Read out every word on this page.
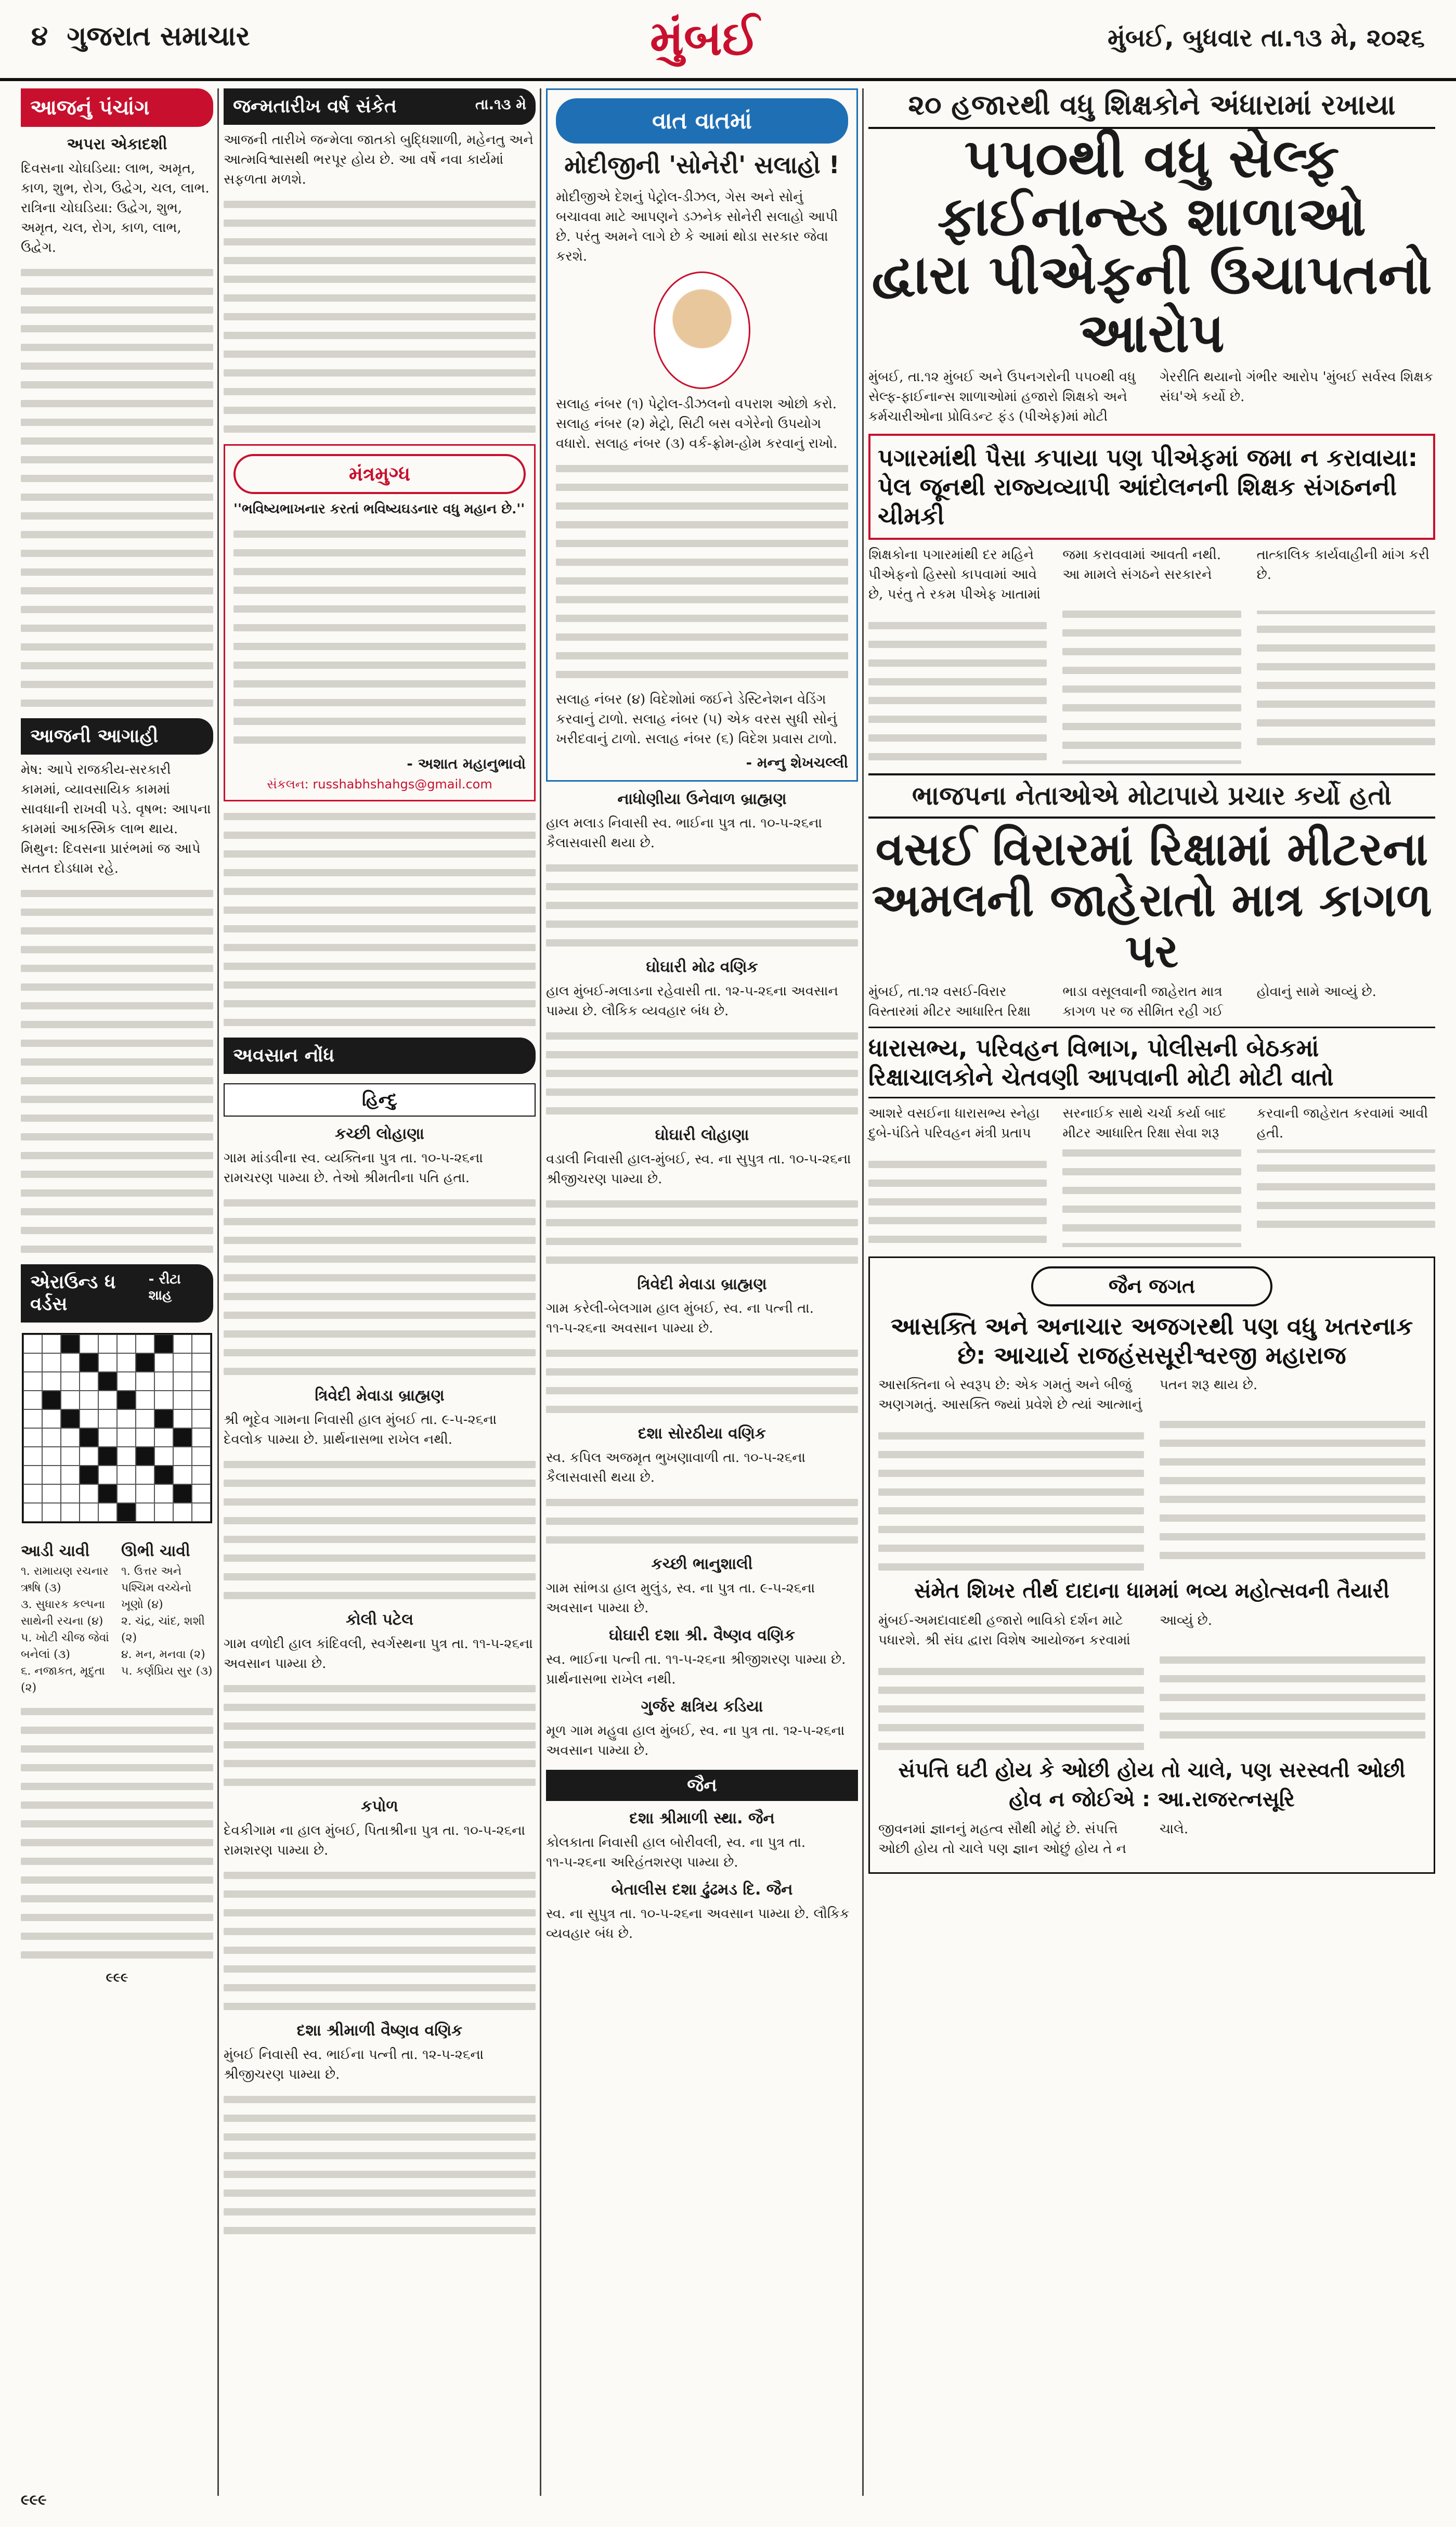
૪ ગુજરાત સમાચાર	મુંબઈ	મુંબઈ, બુધવાર તા.૧૩ મે, ૨૦૨૬
આજનું પંચાંગ
અપરા એકાદશી
દિવસના ચોઘડિયા: લાભ, અમૃત, કાળ, શુભ, રોગ, ઉદ્વેગ, ચલ, લાભ. રાત્રિના ચોઘડિયા: ઉદ્વેગ, શુભ, અમૃત, ચલ, રોગ, કાળ, લાભ, ઉદ્વેગ.
આજની આગાહી
મેષ: આપે રાજકીય-સરકારી કામમાં, વ્યાવસાયિક કામમાં સાવધાની રાખવી પડે. વૃષભ: આપના કામમાં આકસ્મિક લાભ થાય. મિથુન: દિવસના પ્રારંભમાં જ આપે સતત દોડધામ રહે.
એરાઉન્ડ ધ વર્ડસ
- રીટા શાહ
આડી ચાવી
૧. રામાયણ રચનાર ઋષિ (૩)
૩. સુધારક કલ્પના સાથેની રચના (૪)
૫. ખોટી ચીજ જેવાં બનેલાં (૩)
૬. નજાકત, મૃદુતા (૨)
ઊભી ચાવી
૧. ઉત્તર અને પશ્ચિમ વચ્ચેનો ખૂણો (૪)
૨. ચંદ્ર, ચાંદ, શશી (૨)
૪. મન, મનવા (૨)
૫. કર્ણપ્રિય સુર (૩)
૯૯૯
જન્મતારીખ વર્ષ સંકેત	તા.૧૩ મે
આજની તારીખે જન્મેલા જાતકો બુદ્ધિશાળી, મહેનતુ અને આત્મવિશ્વાસથી ભરપૂર હોય છે. આ વર્ષે નવા કાર્યમાં સફળતા મળશે.
મંત્રમુગ્ધ
''ભવિષ્યભાખનાર કરતાં ભવિષ્યઘડનાર વધુ મહાન છે.''
- અશાત મહાનુભાવો
સંકલન: russhabhshahgs@gmail.com
અવસાન નોંધ
હિન્દુ
કચ્છી લોહાણા
ગામ માંડવીના સ્વ. વ્યક્તિના પુત્ર તા. ૧૦-૫-૨૬ના રામચરણ પામ્યા છે. તેઓ શ્રીમતીના પતિ હતા.
ત્રિવેદી મેવાડા બ્રાહ્મણ
શ્રી ભૂદેવ ગામના નિવાસી હાલ મુંબઈ તા. ૯-૫-૨૬ના દેવલોક પામ્યા છે. પ્રાર્થનાસભા રાખેલ નથી.
કોલી પટેલ
ગામ વળોદી હાલ કાંદિવલી, સ્વર્ગસ્થના પુત્ર તા. ૧૧-૫-૨૬ના અવસાન પામ્યા છે.
કપોળ
દેવકીગામ ના હાલ મુંબઈ, પિતાશ્રીના પુત્ર તા. ૧૦-૫-૨૬ના રામશરણ પામ્યા છે.
દશા શ્રીમાળી વૈષ્ણવ વણિક
મુંબઈ નિવાસી સ્વ. ભાઈના પત્ની તા. ૧૨-૫-૨૬ના શ્રીજીચરણ પામ્યા છે.
વાત વાતમાં
મોદીજીની 'સોનેરી' સલાહો !
મોદીજીએ દેશનું પેટ્રોલ-ડીઝલ, ગેસ અને સોનું બચાવવા માટે આપણને ડઝનેક સોનેરી સલાહો આપી છે. પરંતુ અમને લાગે છે કે આમાં થોડા સરકાર જેવા કરશે.
સલાહ નંબર (૧) પેટ્રોલ-ડીઝલનો વપરાશ ઓછો કરો. સલાહ નંબર (૨) મેટ્રો, સિટી બસ વગેરેનો ઉપયોગ વધારો. સલાહ નંબર (૩) વર્ક-ફ્રોમ-હોમ કરવાનું રાખો.
સલાહ નંબર (૪) વિદેશોમાં જઈને ડેસ્ટિનેશન વેડિંગ કરવાનું ટાળો. સલાહ નંબર (૫) એક વરસ સુધી સોનું ખરીદવાનું ટાળો. સલાહ નંબર (૬) વિદેશ પ્રવાસ ટાળો.
- મન્નુ શેખચલ્લી
નાધોણીયા ઉનેવાળ બ્રાહ્મણ
હાલ મલાડ નિવાસી સ્વ. ભાઈના પુત્ર તા. ૧૦-૫-૨૬ના કૈલાસવાસી થયા છે.
ઘોઘારી મોઢ વણિક
હાલ મુંબઈ-મલાડના રહેવાસી તા. ૧૨-૫-૨૬ના અવસાન પામ્યા છે. લૌકિક વ્યવહાર બંધ છે.
ઘોઘારી લોહાણા
વડાલી નિવાસી હાલ-મુંબઈ, સ્વ. ના સુપુત્ર તા. ૧૦-૫-૨૬ના શ્રીજીચરણ પામ્યા છે.
ત્રિવેદી મેવાડા બ્રાહ્મણ
ગામ કરેલી-બેલગામ હાલ મુંબઈ, સ્વ. ના પત્ની તા. ૧૧-૫-૨૬ના અવસાન પામ્યા છે.
દશા સોરઠીયા વણિક
સ્વ. કપિલ અજમૃત ભુખણાવાળી તા. ૧૦-૫-૨૬ના કૈલાસવાસી થયા છે.
કચ્છી ભાનુશાલી
ગામ સાંભડા હાલ મુલુંડ, સ્વ. ના પુત્ર તા. ૯-૫-૨૬ના અવસાન પામ્યા છે.
ઘોઘારી દશા શ્રી. વૈષ્ણવ વણિક
સ્વ. ભાઈના પત્ની તા. ૧૧-૫-૨૬ના શ્રીજીશરણ પામ્યા છે. પ્રાર્થનાસભા રાખેલ નથી.
ગુર્જર ક્ષત્રિય કડિયા
મૂળ ગામ મહુવા હાલ મુંબઈ, સ્વ. ના પુત્ર તા. ૧૨-૫-૨૬ના અવસાન પામ્યા છે.
જૈન
દશા શ્રીમાળી સ્થા. જૈન
કોલકાતા નિવાસી હાલ બોરીવલી, સ્વ. ના પુત્ર તા. ૧૧-૫-૨૬ના અરિહંતશરણ પામ્યા છે.
બેતાલીસ દશા ઢુંઢમડ દિ. જૈન
સ્વ. ના સુપુત્ર તા. ૧૦-૫-૨૬ના અવસાન પામ્યા છે. લૌકિક વ્યવહાર બંધ છે.
૨૦ હજારથી વધુ શિક્ષકોને અંધારામાં રખાયા
૫૫૦થી વધુ સેલ્ફ ફાઈનાન્સ્ડ શાળાઓ
દ્વારા પીએફની ઉચાપતનો આરોપ
મુંબઈ, તા.૧૨ મુંબઈ અને ઉપનગરોની ૫૫૦થી વધુ સેલ્ફ-ફાઈનાન્સ શાળાઓમાં હજારો શિક્ષકો અને કર્મચારીઓના પ્રોવિડન્ટ ફંડ (પીએફ)માં મોટી ગેરરીતિ થયાનો ગંભીર આરોપ 'મુંબઈ સર્વસ્વ શિક્ષક સંઘ'એ કર્યો છે.
પગારમાંથી પૈસા કપાયા પણ પીએફમાં જમા ન કરાવાયા: પેલ જૂનથી રાજ્યવ્યાપી આંદોલનની શિક્ષક સંગઠનની ચીમકી
શિક્ષકોના પગારમાંથી દર મહિને પીએફનો હિસ્સો કાપવામાં આવે છે, પરંતુ તે રકમ પીએફ ખાતામાં જમા કરાવવામાં આવતી નથી. આ મામલે સંગઠને સરકારને તાત્કાલિક કાર્યવાહીની માંગ કરી છે.
ભાજપના નેતાઓએ મોટાપાયે પ્રચાર કર્યો હતો
વસઈ વિરારમાં રિક્ષામાં મીટરના
અમલની જાહેરાતો માત્ર કાગળ પર
મુંબઈ, તા.૧૨ વસઈ-વિરાર વિસ્તારમાં મીટર આધારિત રિક્ષા ભાડા વસૂલવાની જાહેરાત માત્ર કાગળ પર જ સીમિત રહી ગઈ હોવાનું સામે આવ્યું છે.
ધારાસભ્ય, પરિવહન વિભાગ, પોલીસની બેઠકમાં રિક્ષાચાલકોને ચેતવણી આપવાની મોટી મોટી વાતો
આશરે વસઈના ધારાસભ્ય સ્નેહા દુબે-પંડિતે પરિવહન મંત્રી પ્રતાપ સરનાઈક સાથે ચર્ચા કર્યા બાદ મીટર આધારિત રિક્ષા સેવા શરૂ કરવાની જાહેરાત કરવામાં આવી હતી.
જૈન જગત
આસક્તિ અને અનાચાર અજગરથી પણ વધુ ખતરનાક છે: આચાર્ય રાજહંસસૂરીશ્વરજી મહારાજ
આસક્તિના બે સ્વરૂપ છે: એક ગમતું અને બીજું અણગમતું. આસક્તિ જ્યાં પ્રવેશે છે ત્યાં આત્માનું પતન શરૂ થાય છે.
સંમેત શિખર તીર્થ દાદાના ધામમાં ભવ્ય મહોત્સવની તૈયારી
મુંબઈ-અમદાવાદથી હજારો ભાવિકો દર્શન માટે પધારશે. શ્રી સંઘ દ્વારા વિશેષ આયોજન કરવામાં આવ્યું છે.
સંપત્તિ ઘટી હોય કે ઓછી હોય તો ચાલે, પણ સરસ્વતી ઓછી હોવ ન જોઈએ : આ.રાજરત્નસૂરિ
જીવનમાં જ્ઞાનનું મહત્વ સૌથી મોટું છે. સંપત્તિ ઓછી હોય તો ચાલે પણ જ્ઞાન ઓછું હોય તે ન ચાલે.
૯૯૯
